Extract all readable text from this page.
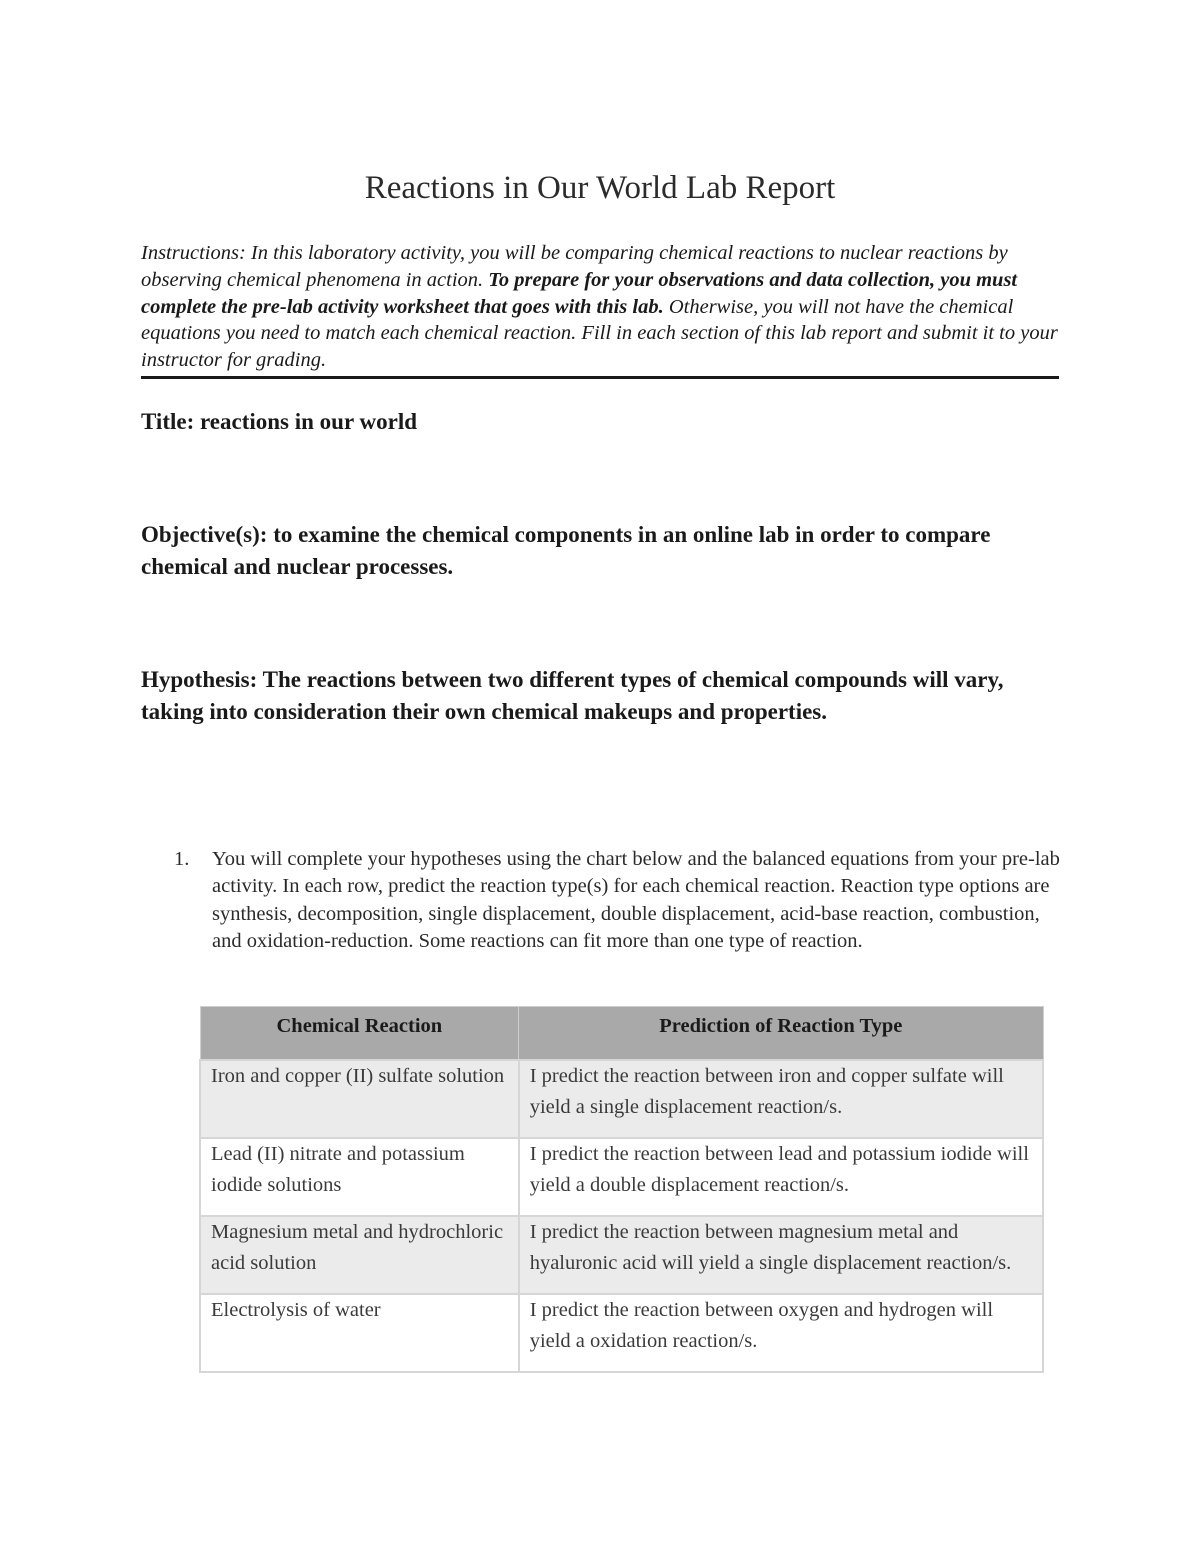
Reactions in Our World Lab Report

Instructions: In this laboratory activity, you will be comparing chemical reactions to nuclear reactions by observing chemical phenomena in action. To prepare for your observations and data collection, you must complete the pre-lab activity worksheet that goes with this lab. Otherwise, you will not have the chemical equations you need to match each chemical reaction. Fill in each section of this lab report and submit it to your instructor for grading.

Title: reactions in our world

Objective(s): to examine the chemical components in an online lab in order to compare chemical and nuclear processes.

Hypothesis: The reactions between two different types of chemical compounds will vary, taking into consideration their own chemical makeups and properties.

1. You will complete your hypotheses using the chart below and the balanced equations from your pre-lab activity. In each row, predict the reaction type(s) for each chemical reaction. Reaction type options are synthesis, decomposition, single displacement, double displacement, acid-base reaction, combustion, and oxidation-reduction. Some reactions can fit more than one type of reaction.
Chemical Reaction	Prediction of Reaction Type
Iron and copper (II) sulfate solution	I predict the reaction between iron and copper sulfate will yield a single displacement reaction/s.
Lead (II) nitrate and potassium iodide solutions	I predict the reaction between lead and potassium iodide will yield a double displacement reaction/s.
Magnesium metal and hydrochloric acid solution	I predict the reaction between magnesium metal and hyaluronic acid will yield a single displacement reaction/s.
Electrolysis of water	I predict the reaction between oxygen and hydrogen will yield a oxidation reaction/s.
